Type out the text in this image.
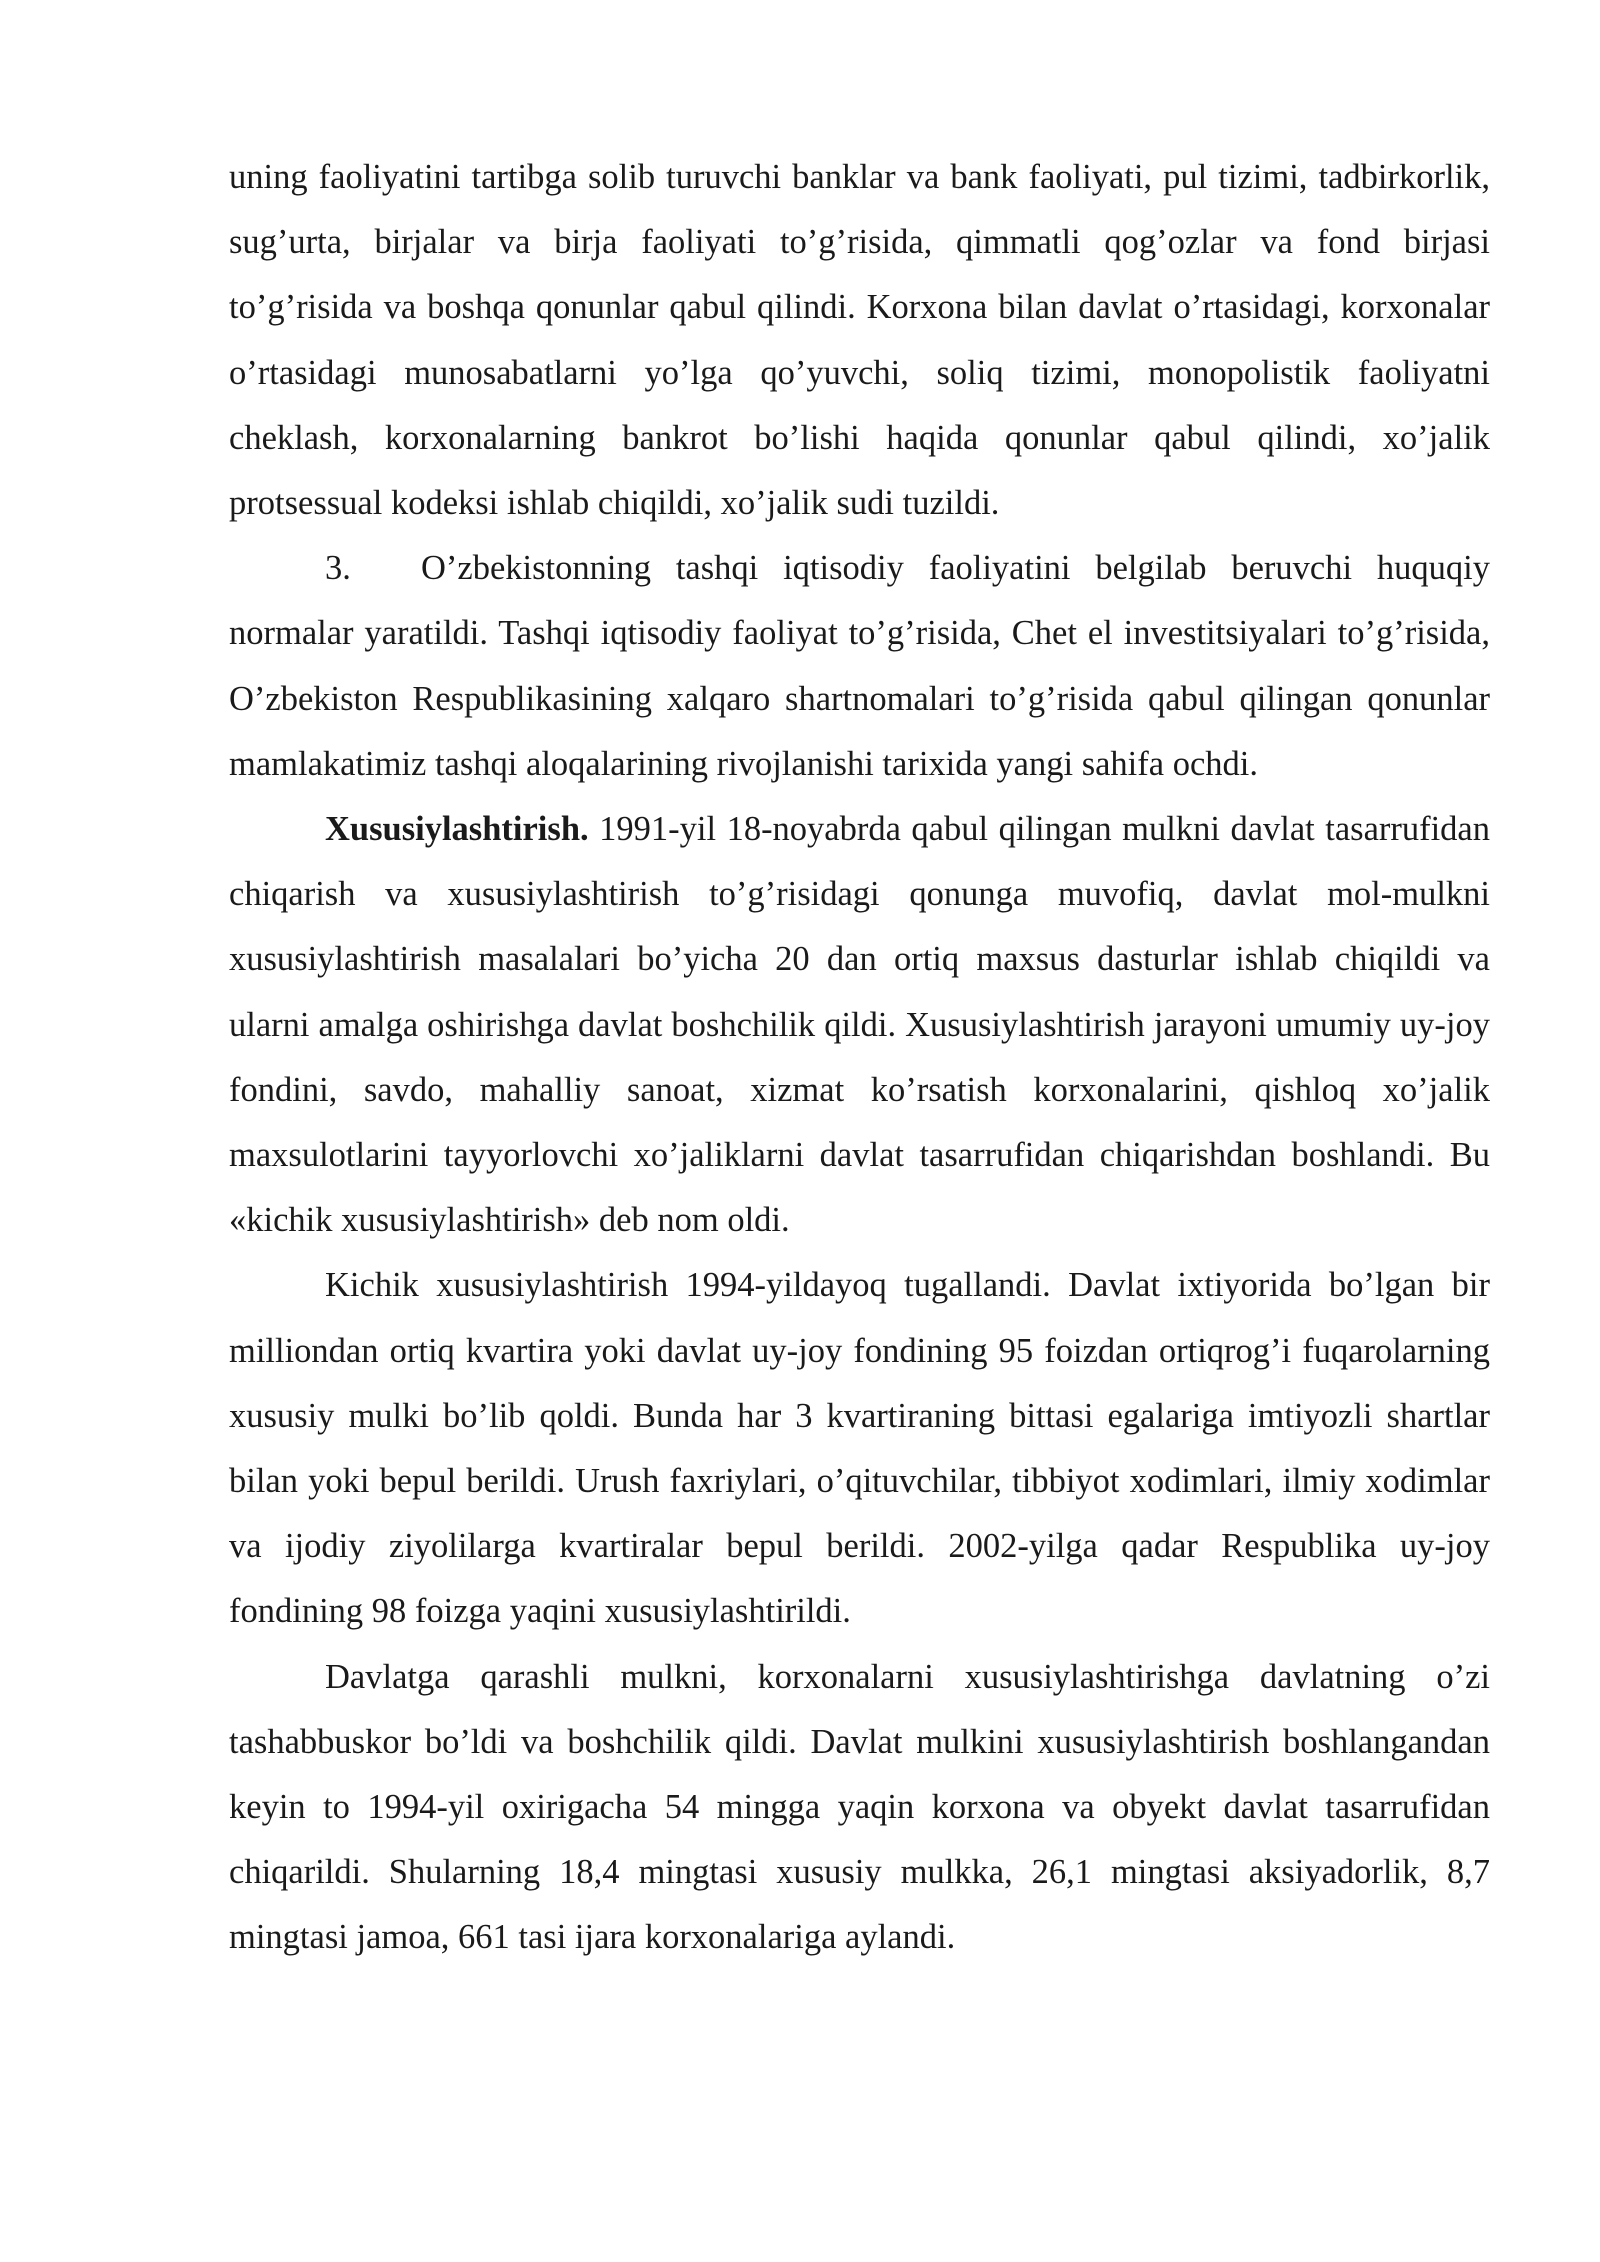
uning faoliyatini tartibga solib turuvchi banklar va bank faoliyati, pul tizimi, tadbirkorlik, sug’urta, birjalar va birja faoliyati to’g’risida, qimmatli qog’ozlar va fond birjasi to’g’risida va boshqa qonunlar qabul qilindi. Korxona bilan davlat o’rtasidagi, korxonalar o’rtasidagi munosabatlarni yo’lga qo’yuvchi, soliq tizimi, monopolistik faoliyatni cheklash, korxonalarning bankrot bo’lishi haqida qonunlar qabul qilindi, xo’jalik protsessual kodeksi ishlab chiqildi, xo’jalik sudi tuzildi.

3. O’zbekistonning tashqi iqtisodiy faoliyatini belgilab beruvchi huquqiy normalar yaratildi. Tashqi iqtisodiy faoliyat to’g’risida, Chet el investitsiyalari to’g’risida, O’zbekiston Respublikasining xalqaro shartnomalari to’g’risida qabul qilingan qonunlar mamlakatimiz tashqi aloqalarining rivojlanishi tarixida yangi sahifa ochdi.

Xususiylashtirish. 1991-yil 18-noyabrda qabul qilingan mulkni davlat tasarrufidan chiqarish va xususiylashtirish to’g’risidagi qonunga muvofiq, davlat mol-mulkni xususiylashtirish masalalari bo’yicha 20 dan ortiq maxsus dasturlar ishlab chiqildi va ularni amalga oshirishga davlat boshchilik qildi. Xususiylashtirish jarayoni umumiy uy-joy fondini, savdo, mahalliy sanoat, xizmat ko’rsatish korxonalarini, qishloq xo’jalik maxsulotlarini tayyorlovchi xo’jaliklarni davlat tasarrufidan chiqarishdan boshlandi. Bu «kichik xususiylashtirish» deb nom oldi.

Kichik xususiylashtirish 1994-yildayoq tugallandi. Davlat ixtiyorida bo’lgan bir milliondan ortiq kvartira yoki davlat uy-joy fondining 95 foizdan ortiqrog’i fuqarolarning xususiy mulki bo’lib qoldi. Bunda har 3 kvartiraning bittasi egalariga imtiyozli shartlar bilan yoki bepul berildi. Urush faxriylari, o’qituvchilar, tibbiyot xodimlari, ilmiy xodimlar va ijodiy ziyolilarga kvartiralar bepul berildi. 2002-yilga qadar Respublika uy-joy fondining 98 foizga yaqini xususiylashtirildi.

Davlatga qarashli mulkni, korxonalarni xususiylashtirishga davlatning o’zi tashabbuskor bo’ldi va boshchilik qildi. Davlat mulkini xususiylashtirish boshlangandan keyin to 1994-yil oxirigacha 54 mingga yaqin korxona va obyekt davlat tasarrufidan chiqarildi. Shularning 18,4 mingtasi xususiy mulkka, 26,1 mingtasi aksiyadorlik, 8,7 mingtasi jamoa, 661 tasi ijara korxonalariga aylandi.
